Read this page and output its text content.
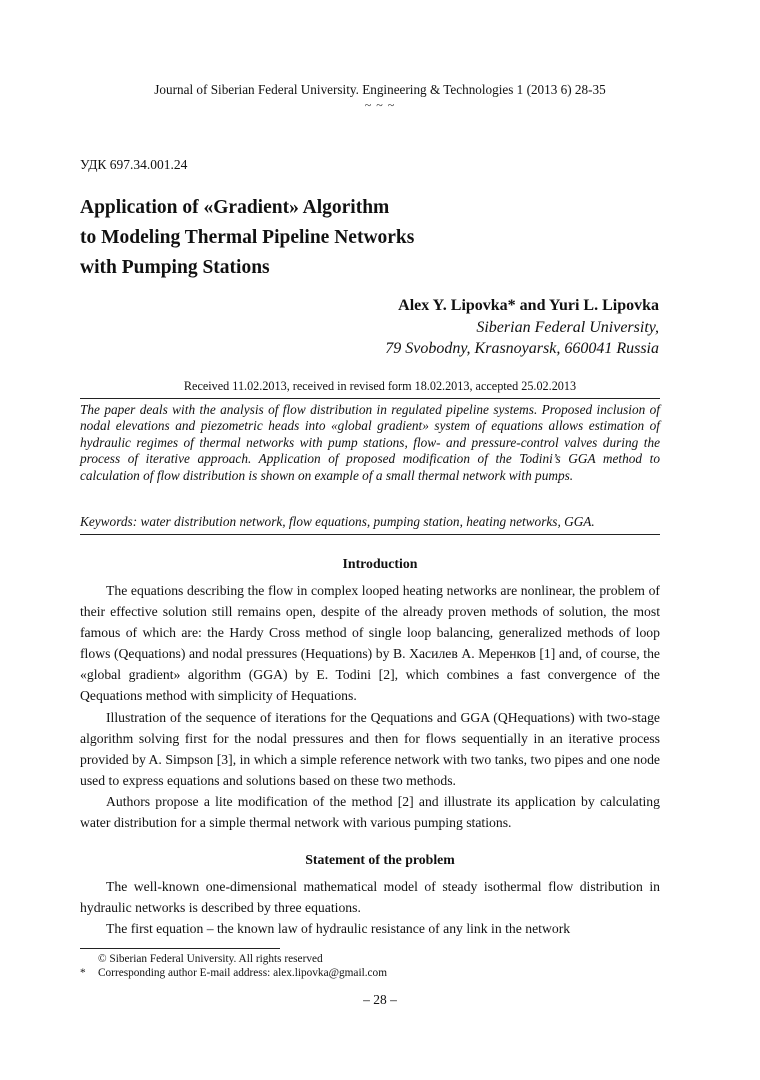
Journal of Siberian Federal University. Engineering & Technologies 1 (2013 6) 28-35
~ ~ ~
УДК 697.34.001.24
Application of «Gradient» Algorithm
to Modeling Thermal Pipeline Networks
with Pumping Stations
Alex Y. Lipovka* and Yuri L. Lipovka
Siberian Federal University,
79 Svobodny, Krasnoyarsk, 660041 Russia
Received 11.02.2013, received in revised form 18.02.2013, accepted 25.02.2013
The paper deals with the analysis of flow distribution in regulated pipeline systems. Proposed inclusion of nodal elevations and piezometric heads into «global gradient» system of equations allows estimation of hydraulic regimes of thermal networks with pump stations, flow- and pressure-control valves during the process of iterative approach. Application of proposed modification of the Todini’s GGA method to calculation of flow distribution is shown on example of a small thermal network with pumps.
Keywords: water distribution network, flow equations, pumping station, heating networks, GGA.
Introduction

The equations describing the flow in complex looped heating networks are nonlinear, the problem of their effective solution still remains open, despite of the already proven methods of solution, the most famous of which are: the Hardy Cross method of single loop balancing, generalized methods of loop flows (Qequations) and nodal pressures (Hequations) by В. Хасилев А. Меренков [1] and, of course, the «global gradient» algorithm (GGA) by E. Todini [2], which combines a fast convergence of the Qequations method with simplicity of Hequations.

Illustration of the sequence of iterations for the Qequations and GGA (QHequations) with two-stage algorithm solving first for the nodal pressures and then for flows sequentially in an iterative process provided by A. Simpson [3], in which a simple reference network with two tanks, two pipes and one node used to express equations and solutions based on these two methods.

Authors propose a lite modification of the method [2] and illustrate its application by calculating water distribution for a simple thermal network with various pumping stations.

Statement of the problem

The well-known one-dimensional mathematical model of steady isothermal flow distribution in hydraulic networks is described by three equations.

The first equation – the known law of hydraulic resistance of any link in the network

© Siberian Federal University. All rights reserved
* Corresponding author E-mail address: alex.lipovka@gmail.com
– 28 –
